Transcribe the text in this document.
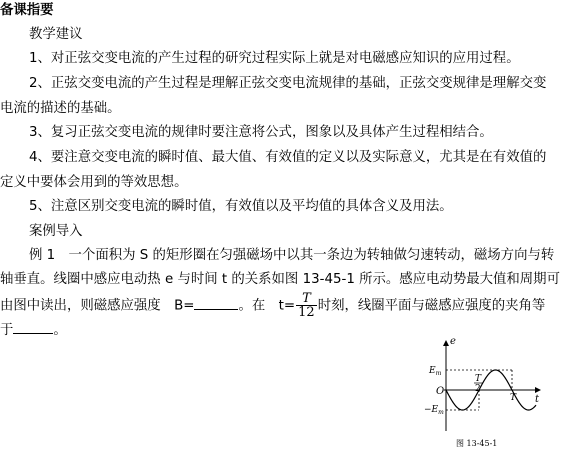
备课指要
教学建议
1、对正弦交变电流的产生过程的研究过程实际上就是对电磁感应知识的应用过程。
2、正弦交变电流的产生过程是理解正弦交变电流规律的基础，正弦交变规律是理解交变
电流的描述的基础。
3、复习正弦交变电流的规律时要注意将公式，图象以及具体产生过程相结合。
4、要注意交变电流的瞬时值、最大值、有效值的定义以及实际意义，尤其是在有效值的
定义中要体会用到的等效思想。
5、注意区别交变电流的瞬时值，有效值以及平均值的具体含义及用法。
案例导入
例 1　一个面积为 S 的矩形圈在匀强磁场中以其一条边为转轴做匀速转动，磁场方向与转
轴垂直。线圈中感应电动热 e 与时间 t 的关系如图 13-45-1 所示。感应电动势最大值和周期可
由图中读出，则磁感应强度　B=	。在　$t= \frac{T}{12}$ 时刻，线圈平面与磁感应强度的夹角等
于	。
e
t
O
$E_m$
$-E_m$
T
2
T
图 13-45-1
